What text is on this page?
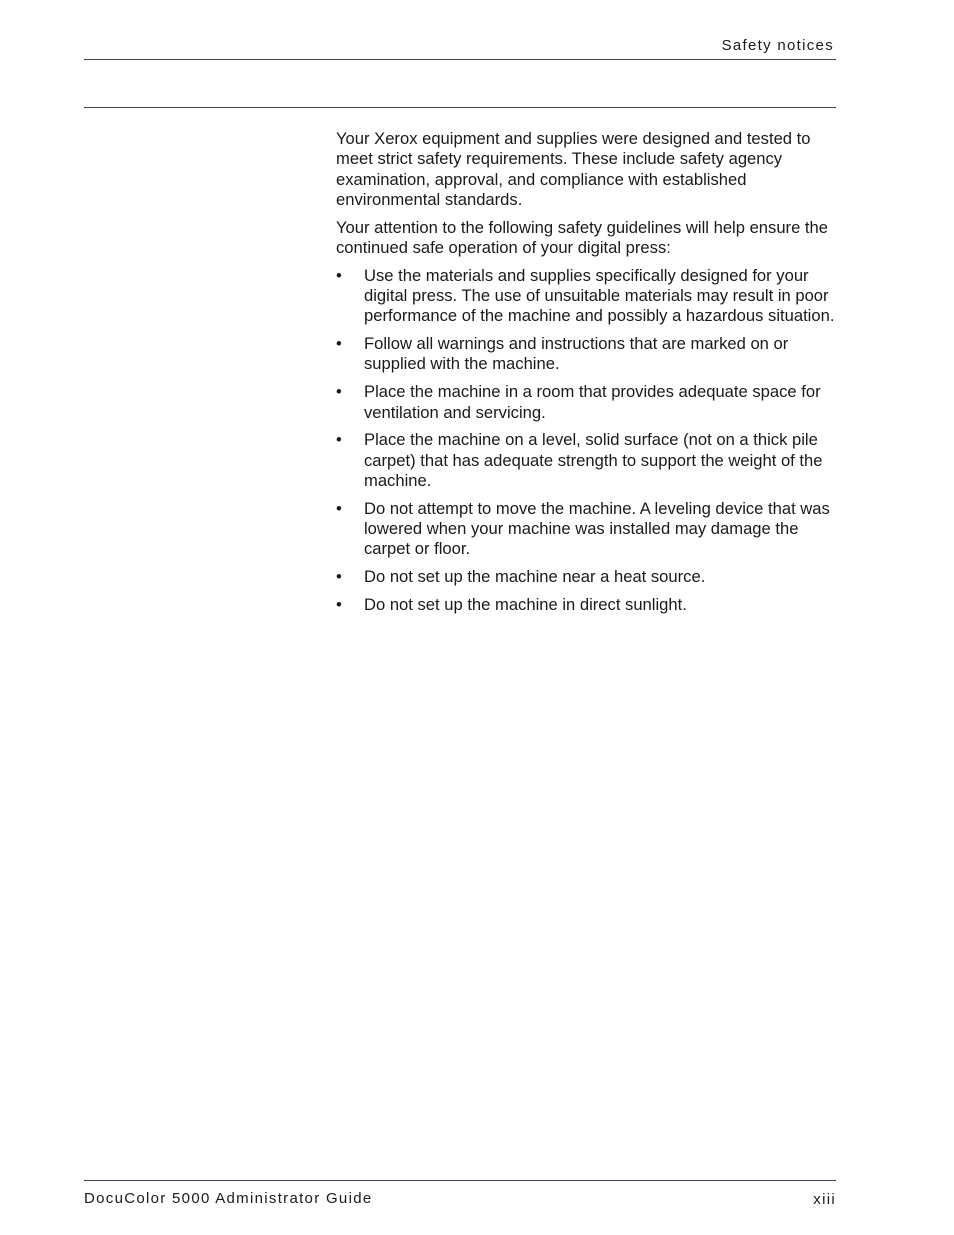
Safety notices

Your Xerox equipment and supplies were designed and tested to meet strict safety requirements. These include safety agency examination, approval, and compliance with established environmental standards.

Your attention to the following safety guidelines will help ensure the continued safe operation of your digital press:

• Use the materials and supplies specifically designed for your digital press. The use of unsuitable materials may result in poor performance of the machine and possibly a hazardous situation.
• Follow all warnings and instructions that are marked on or supplied with the machine.
• Place the machine in a room that provides adequate space for ventilation and servicing.
• Place the machine on a level, solid surface (not on a thick pile carpet) that has adequate strength to support the weight of the machine.
• Do not attempt to move the machine. A leveling device that was lowered when your machine was installed may damage the carpet or floor.
• Do not set up the machine near a heat source.
• Do not set up the machine in direct sunlight.
DocuColor 5000 Administrator Guide	xiii
